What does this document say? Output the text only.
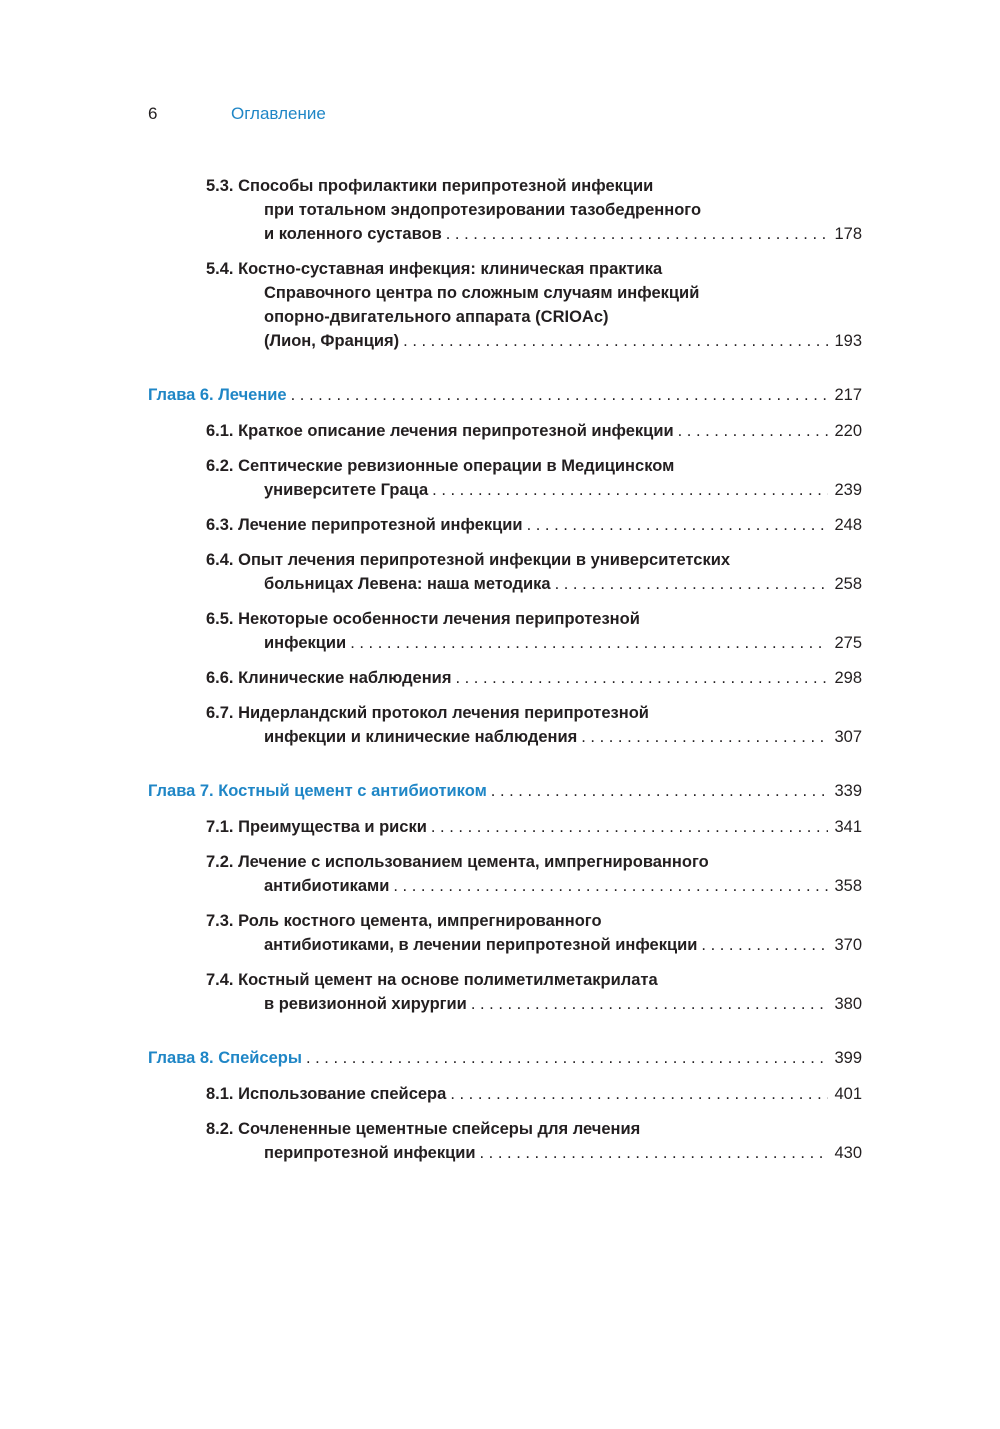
6	Оглавление
5.3. Способы профилактики перипротезной инфекции
при тотальном эндопротезировании тазобедренного
и коленного суставов . . .	178
5.4. Костно-суставная инфекция: клиническая практика
Справочного центра по сложным случаям инфекций
опорно-двигательного аппарата (CRIOAc)
(Лион, Франция) . . .	193
Глава 6. Лечение . . .	217
6.1. Краткое описание лечения перипротезной инфекции . . .	220
6.2. Септические ревизионные операции в Медицинском
университете Граца . . .	239
6.3. Лечение перипротезной инфекции . . .	248
6.4. Опыт лечения перипротезной инфекции в университетских
больницах Левена: наша методика . . .	258
6.5. Некоторые особенности лечения перипротезной
инфекции . . .	275
6.6. Клинические наблюдения . . .	298
6.7. Нидерландский протокол лечения перипротезной
инфекции и клинические наблюдения . . .	307
Глава 7. Костный цемент с антибиотиком . . .	339
7.1. Преимущества и риски . . .	341
7.2. Лечение с использованием цемента, импрегнированного
антибиотиками . . .	358
7.3. Роль костного цемента, импрегнированного
антибиотиками, в лечении перипротезной инфекции . . .	370
7.4. Костный цемент на основе полиметилметакрилата
в ревизионной хирургии . . .	380
Глава 8. Спейсеры . . .	399
8.1. Использование спейсера . . .	401
8.2. Сочлененные цементные спейсеры для лечения
перипротезной инфекции . . .	430
